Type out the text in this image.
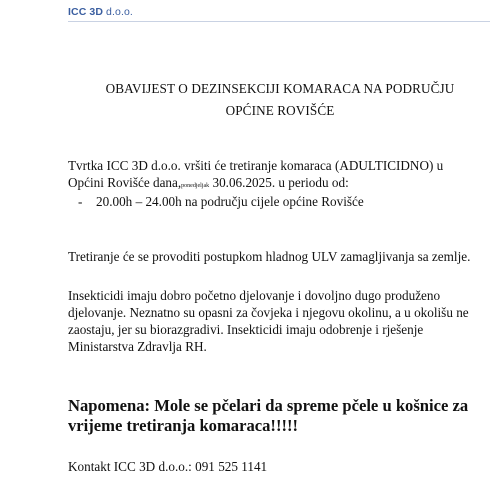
ICC 3D d.o.o.
OBAVIJEST O DEZINSEKCIJI KOMARACA NA PODRUČJU
OPĆINE ROVIŠĆE
Tvrtka ICC 3D d.o.o. vršiti će tretiranje komaraca (ADULTICIDNO) u Općini Rovišće dana,ponedjeljak 30.06.2025. u periodu od:
- 20.00h – 24.00h na području cijele općine Rovišće
Tretiranje će se provoditi postupkom hladnog ULV zamagljivanja sa zemlje.
Insekticidi imaju dobro početno djelovanje i dovoljno dugo produženo djelovanje. Neznatno su opasni za čovjeka i njegovu okolinu, a u okolišu ne zaostaju, jer su biorazgradivi. Insekticidi imaju odobrenje i rješenje Ministarstva Zdravlja RH.
Napomena: Mole se pčelari da spreme pčele u košnice za vrijeme tretiranja komaraca!!!!!
Kontakt ICC 3D d.o.o.: 091 525 1141
